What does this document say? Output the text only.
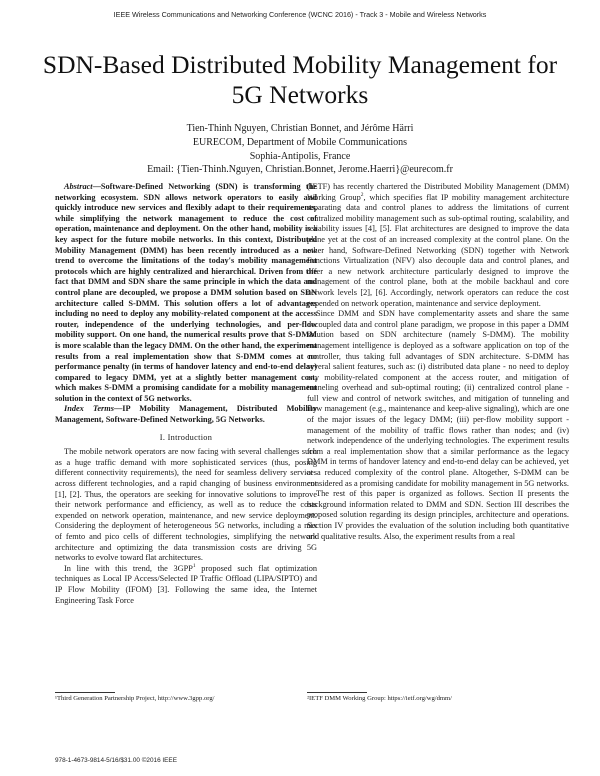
IEEE Wireless Communications and Networking Conference (WCNC 2016) - Track 3 - Mobile and Wireless Networks
SDN-Based Distributed Mobility Management for
5G Networks
Tien-Thinh Nguyen, Christian Bonnet, and Jérôme Härri
EURECOM, Department of Mobile Communications
Sophia-Antipolis, France
Email: {Tien-Thinh.Nguyen, Christian.Bonnet, Jerome.Haerri}@eurecom.fr

Abstract—Software-Defined Networking (SDN) is transforming the networking ecosystem. SDN allows network operators to easily and quickly introduce new services and flexibly adapt to their requirements, while simplifying the network management to reduce the cost of operation, maintenance and deployment. On the other hand, mobility is a key aspect for the future mobile networks. In this context, Distributed Mobility Management (DMM) has been recently introduced as a new trend to overcome the limitations of the today's mobility management protocols which are highly centralized and hierarchical. Driven from the fact that DMM and SDN share the same principle in which the data and control plane are decoupled, we propose a DMM solution based on SDN architecture called S-DMM. This solution offers a lot of advantages including no need to deploy any mobility-related component at the access router, independence of the underlying technologies, and per-flow mobility support. On one hand, the numerical results prove that S-DMM is more scalable than the legacy DMM. On the other hand, the experiment results from a real implementation show that S-DMM comes at no performance penalty (in terms of handover latency and end-to-end delay) compared to legacy DMM, yet at a slightly better management cost, which makes S-DMM a promising candidate for a mobility management solution in the context of 5G networks.

Index Terms—IP Mobility Management, Distributed Mobility Management, Software-Defined Networking, 5G Networks.

I. Introduction

The mobile network operators are now facing with several challenges such as a huge traffic demand with more sophisticated services (thus, posing different connectivity requirements), the need for seamless delivery services across different technologies, and a rapid changing of business environment [1], [2]. Thus, the operators are seeking for innovative solutions to improve their network performance and efficiency, as well as to reduce the costs expended on network operation, maintenance, and new service deployment. Considering the deployment of heterogeneous 5G networks, including a mix of femto and pico cells of different technologies, simplifying the network architecture and optimizing the data transmission costs are driving 5G networks to evolve toward flat architectures.

In line with this trend, the 3GPP$^1$ proposed such flat optimization techniques as Local IP Access/Selected IP Traffic Offload (LIPA/SIPTO) and IP Flow Mobility (IFOM) [3]. Following the same idea, the Internet Engineering Task Force

(IETF) has recently chartered the Distributed Mobility Management (DMM) Working Group$^2$, which specifies flat IP mobility management architecture separating data and control planes to address the limitations of current centralized mobility management such as sub-optimal routing, scalability, and reliability issues [4], [5]. Flat architectures are designed to improve the data plane yet at the cost of an increased complexity at the control plane. On the other hand, Software-Defined Networking (SDN) together with Network Functions Virtualization (NFV) also decouple data and control planes, and offer a new network architecture particularly designed to improve the management of the control plane, both at the mobile backhaul and core network levels [2], [6]. Accordingly, network operators can reduce the cost expended on network operation, maintenance and service deployment.

Since DMM and SDN have complementarity assets and share the same decoupled data and control plane paradigm, we propose in this paper a DMM solution based on SDN architecture (namely S-DMM). The mobility management intelligence is deployed as a software application on top of the controller, thus taking full advantages of SDN architecture. S-DMM has several salient features, such as: (i) distributed data plane - no need to deploy any mobility-related component at the access router, and mitigation of tunneling overhead and sub-optimal routing; (ii) centralized control plane - full view and control of network switches, and mitigation of tunneling and flow management (e.g., maintenance and keep-alive signaling), which are one of the major issues of the legacy DMM; (iii) per-flow mobility support - management of the mobility of traffic flows rather than nodes; and (iv) network independence of the underlying technologies. The experiment results from a real implementation show that a similar performance as the legacy DMM in terms of handover latency and end-to-end delay can be achieved, yet at a reduced complexity of the control plane. Altogether, S-DMM can be considered as a promising candidate for mobility management in 5G networks.

The rest of this paper is organized as follows. Section II presents the background information related to DMM and SDN. Section III describes the proposed solution regarding its design principles, architecture and operations. Section IV provides the evaluation of the solution including both quantitative and qualitative results. Also, the experiment results from a real

¹Third Generation Partnership Project, http://www.3gpp.org/	²IETF DMM Working Group: https://ietf.org/wg/dmm/
978-1-4673-9814-5/16/$31.00 ©2016 IEEE
